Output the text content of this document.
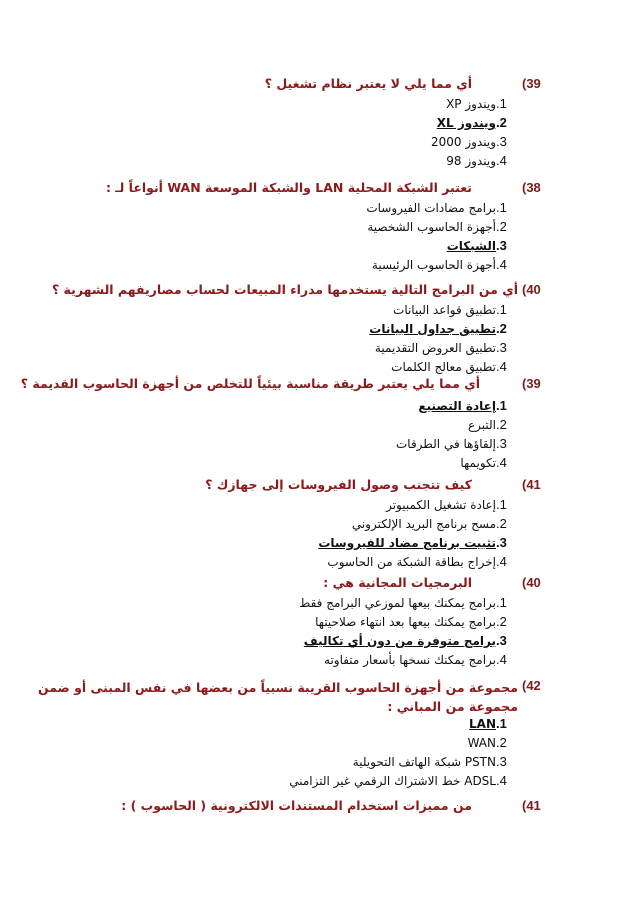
(39
أي مما يلي لا يعتبر نظام تشغيل ؟
.1ويندوز XP
.2ويندوز XL
.3ويندوز 2000
.4ويندوز 98
(38
تعتبر الشبكة المحلية LAN والشبكة الموسعة WAN أنواعاً لـ :
.1برامج مضادات الفيروسات
.2أجهزة الحاسوب الشخصية
.3الشبكات
.4أجهزة الحاسوب الرئيسية
(40
أي من البرامج التالية يستخدمها مدراء المبيعات لحساب مصاريفهم الشهرية ؟
.1تطبيق قواعد البيانات
.2تطبيق جداول البيانات
.3تطبيق العروض التقديمية
.4تطبيق معالج الكلمات
(39
أي مما يلي يعتبر طريقة مناسبة بيئياً للتخلص من أجهزة الحاسوب القديمة ؟
.1إعادة التصنيع
.2التبرع
.3إلقاؤها في الطرقات
.4تكويمها
(41
كيف تتجنب وصول الفيروسات إلى جهازك ؟
.1إعادة تشغيل الكمبيوتر
.2مسح برنامج البريد الإلكتروني
.3تثبيت برنامج مضاد للفيروسات
.4إخراج بطاقة الشبكة من الحاسوب
(40
البرمجيات المجانية هي :
.1برامج يمكنك بيعها لموزعي البرامج فقط
.2برامج يمكنك بيعها بعد انتهاء صلاحيتها
.3برامج متوفرة من دون أي تكاليف
.4برامج يمكنك نسخها بأسعار متفاوته
(42
مجموعة من أجهزة الحاسوب القريبة نسبياً من بعضها في نفس المبنى أو ضمن مجموعة من المباني :
.1LAN
.2WAN
.3PSTN شبكة الهاتف التحويلية
.4ADSL خط الاشتراك الرقمي غير التزامني
(41
من مميزات استخدام المستندات الالكترونية ( الحاسوب ) :
